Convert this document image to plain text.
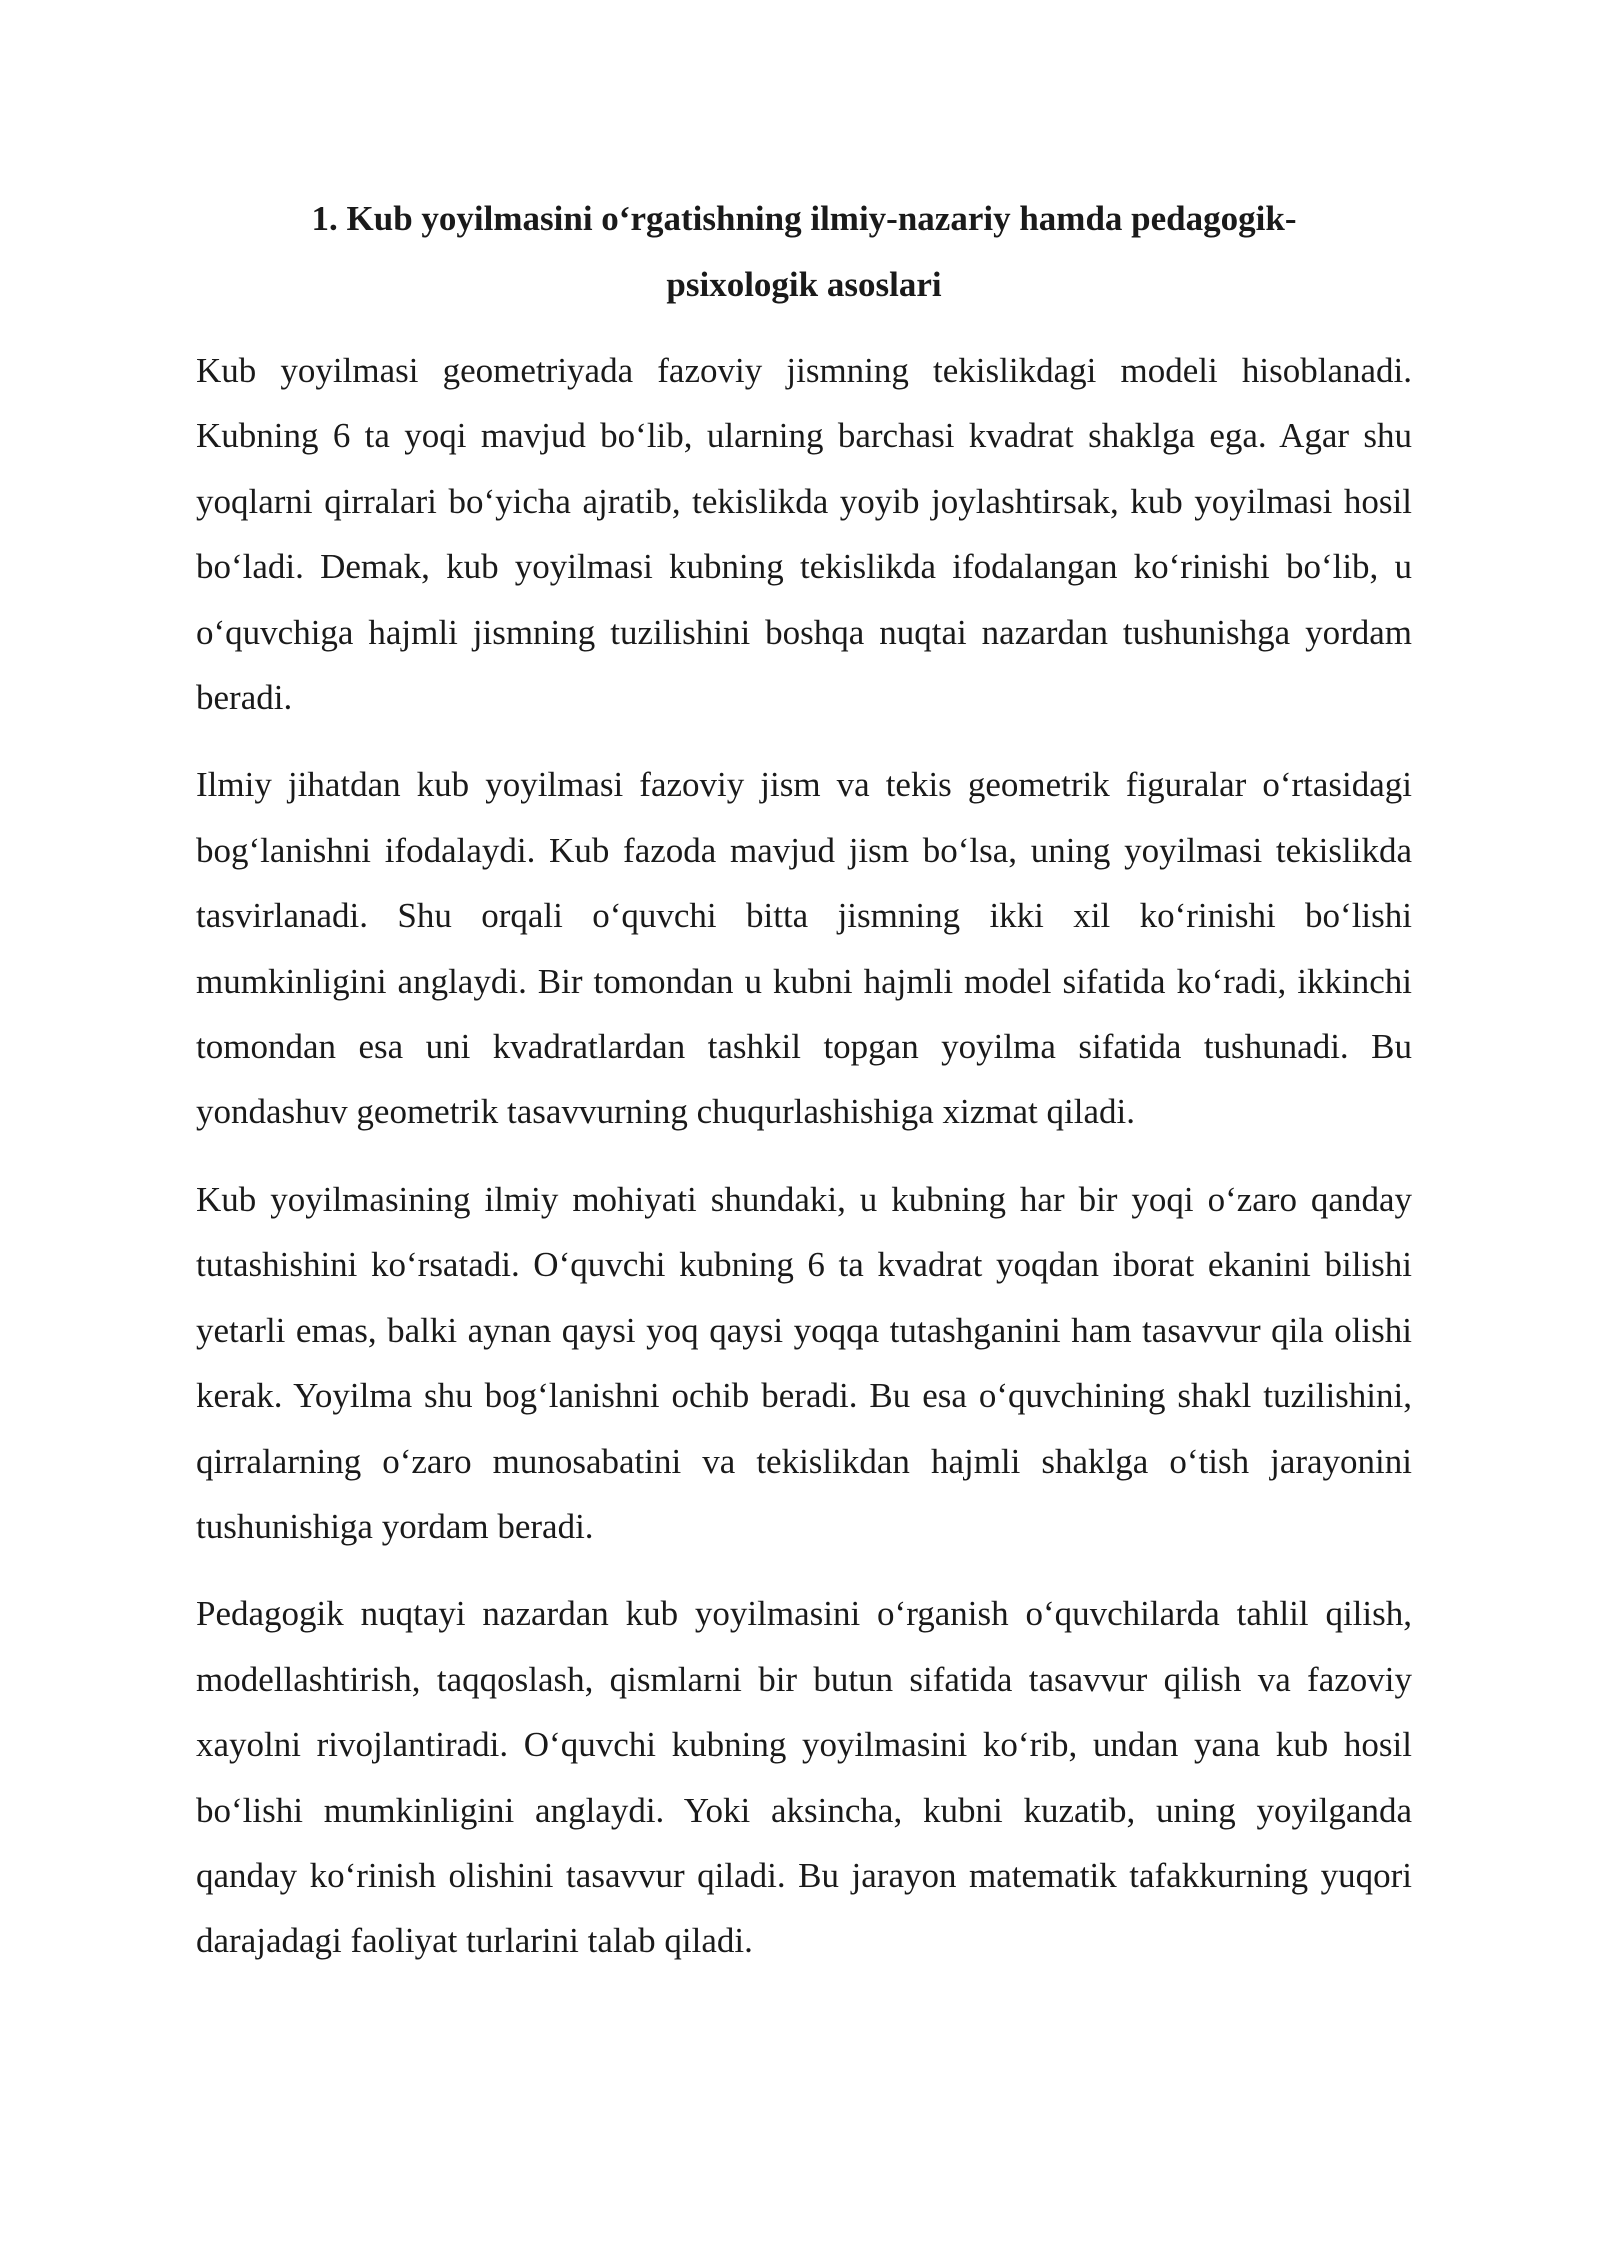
1. Kub yoyilmasini o‘rgatishning ilmiy-nazariy hamda pedagogik-psixologik asoslari

Kub yoyilmasi geometriyada fazoviy jismning tekislikdagi modeli hisoblanadi. Kubning 6 ta yoqi mavjud bo‘lib, ularning barchasi kvadrat shaklga ega. Agar shu yoqlarni qirralari bo‘yicha ajratib, tekislikda yoyib joylashtirsak, kub yoyilmasi hosil bo‘ladi. Demak, kub yoyilmasi kubning tekislikda ifodalangan ko‘rinishi bo‘lib, u o‘quvchiga hajmli jismning tuzilishini boshqa nuqtai nazardan tushunishga yordam beradi.

Ilmiy jihatdan kub yoyilmasi fazoviy jism va tekis geometrik figuralar o‘rtasidagi bog‘lanishni ifodalaydi. Kub fazoda mavjud jism bo‘lsa, uning yoyilmasi tekislikda tasvirlanadi. Shu orqali o‘quvchi bitta jismning ikki xil ko‘rinishi bo‘lishi mumkinligini anglaydi. Bir tomondan u kubni hajmli model sifatida ko‘radi, ikkinchi tomondan esa uni kvadratlardan tashkil topgan yoyilma sifatida tushunadi. Bu yondashuv geometrik tasavvurning chuqurlashishiga xizmat qiladi.

Kub yoyilmasining ilmiy mohiyati shundaki, u kubning har bir yoqi o‘zaro qanday tutashishini ko‘rsatadi. O‘quvchi kubning 6 ta kvadrat yoqdan iborat ekanini bilishi yetarli emas, balki aynan qaysi yoq qaysi yoqqa tutashganini ham tasavvur qila olishi kerak. Yoyilma shu bog‘lanishni ochib beradi. Bu esa o‘quvchining shakl tuzilishini, qirralarning o‘zaro munosabatini va tekislikdan hajmli shaklga o‘tish jarayonini tushunishiga yordam beradi.

Pedagogik nuqtayi nazardan kub yoyilmasini o‘rganish o‘quvchilarda tahlil qilish, modellashtirish, taqqoslash, qismlarni bir butun sifatida tasavvur qilish va fazoviy xayolni rivojlantiradi. O‘quvchi kubning yoyilmasini ko‘rib, undan yana kub hosil bo‘lishi mumkinligini anglaydi. Yoki aksincha, kubni kuzatib, uning yoyilganda qanday ko‘rinish olishini tasavvur qiladi. Bu jarayon matematik tafakkurning yuqori darajadagi faoliyat turlarini talab qiladi.
